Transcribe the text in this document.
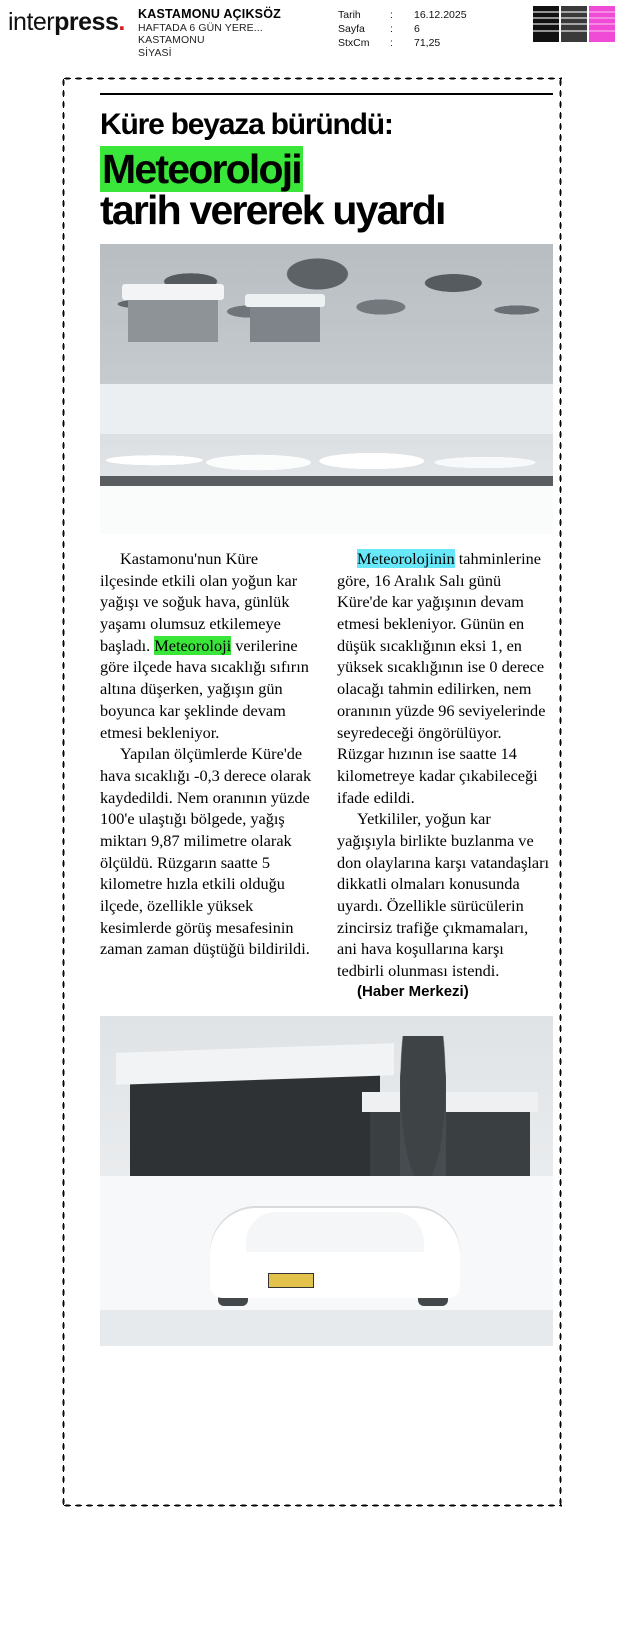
interpress.	KASTAMONU AÇIKSÖZ
HAFTADA 6 GÜN YERE...
KASTAMONU
SİYASİ
Tarih	:	16.12.2025
Sayfa	:	6
StxCm	:	71,25
Küre beyaza büründü:
Meteoroloji
tarih vererek uyardı

Kastamonu'nun Küre ilçesinde etkili olan yoğun kar yağışı ve soğuk hava, günlük yaşamı olumsuz etkilemeye başladı. Meteoroloji verilerine göre ilçede hava sıcaklığı sıfırın altına düşerken, yağışın gün boyunca kar şeklinde devam etmesi bekleniyor.

Yapılan ölçümlerde Küre'de hava sıcaklığı -0,3 derece olarak kaydedildi. Nem oranının yüzde 100'e ulaştığı bölgede, yağış miktarı 9,87 milimetre olarak ölçüldü. Rüzgarın saatte 5 kilometre hızla etkili olduğu ilçede, özellikle yüksek kesimlerde görüş mesafesinin zaman zaman düştüğü bildirildi.

Meteorolojinin tahminlerine göre, 16 Aralık Salı günü Küre'de kar yağışının devam etmesi bekleniyor. Günün en düşük sıcaklığının eksi 1, en yüksek sıcaklığının ise 0 derece olacağı tahmin edilirken, nem oranının yüzde 96 seviyelerinde seyredeceği öngörülüyor. Rüzgar hızının ise saatte 14 kilometreye kadar çıkabileceği ifade edildi.

Yetkililer, yoğun kar yağışıyla birlikte buzlanma ve don olaylarına karşı vatandaşları dikkatli olmaları konusunda uyardı. Özellikle sürücülerin zincirsiz trafiğe çıkmamaları, ani hava koşullarına karşı tedbirli olunması istendi.

(Haber Merkezi)
